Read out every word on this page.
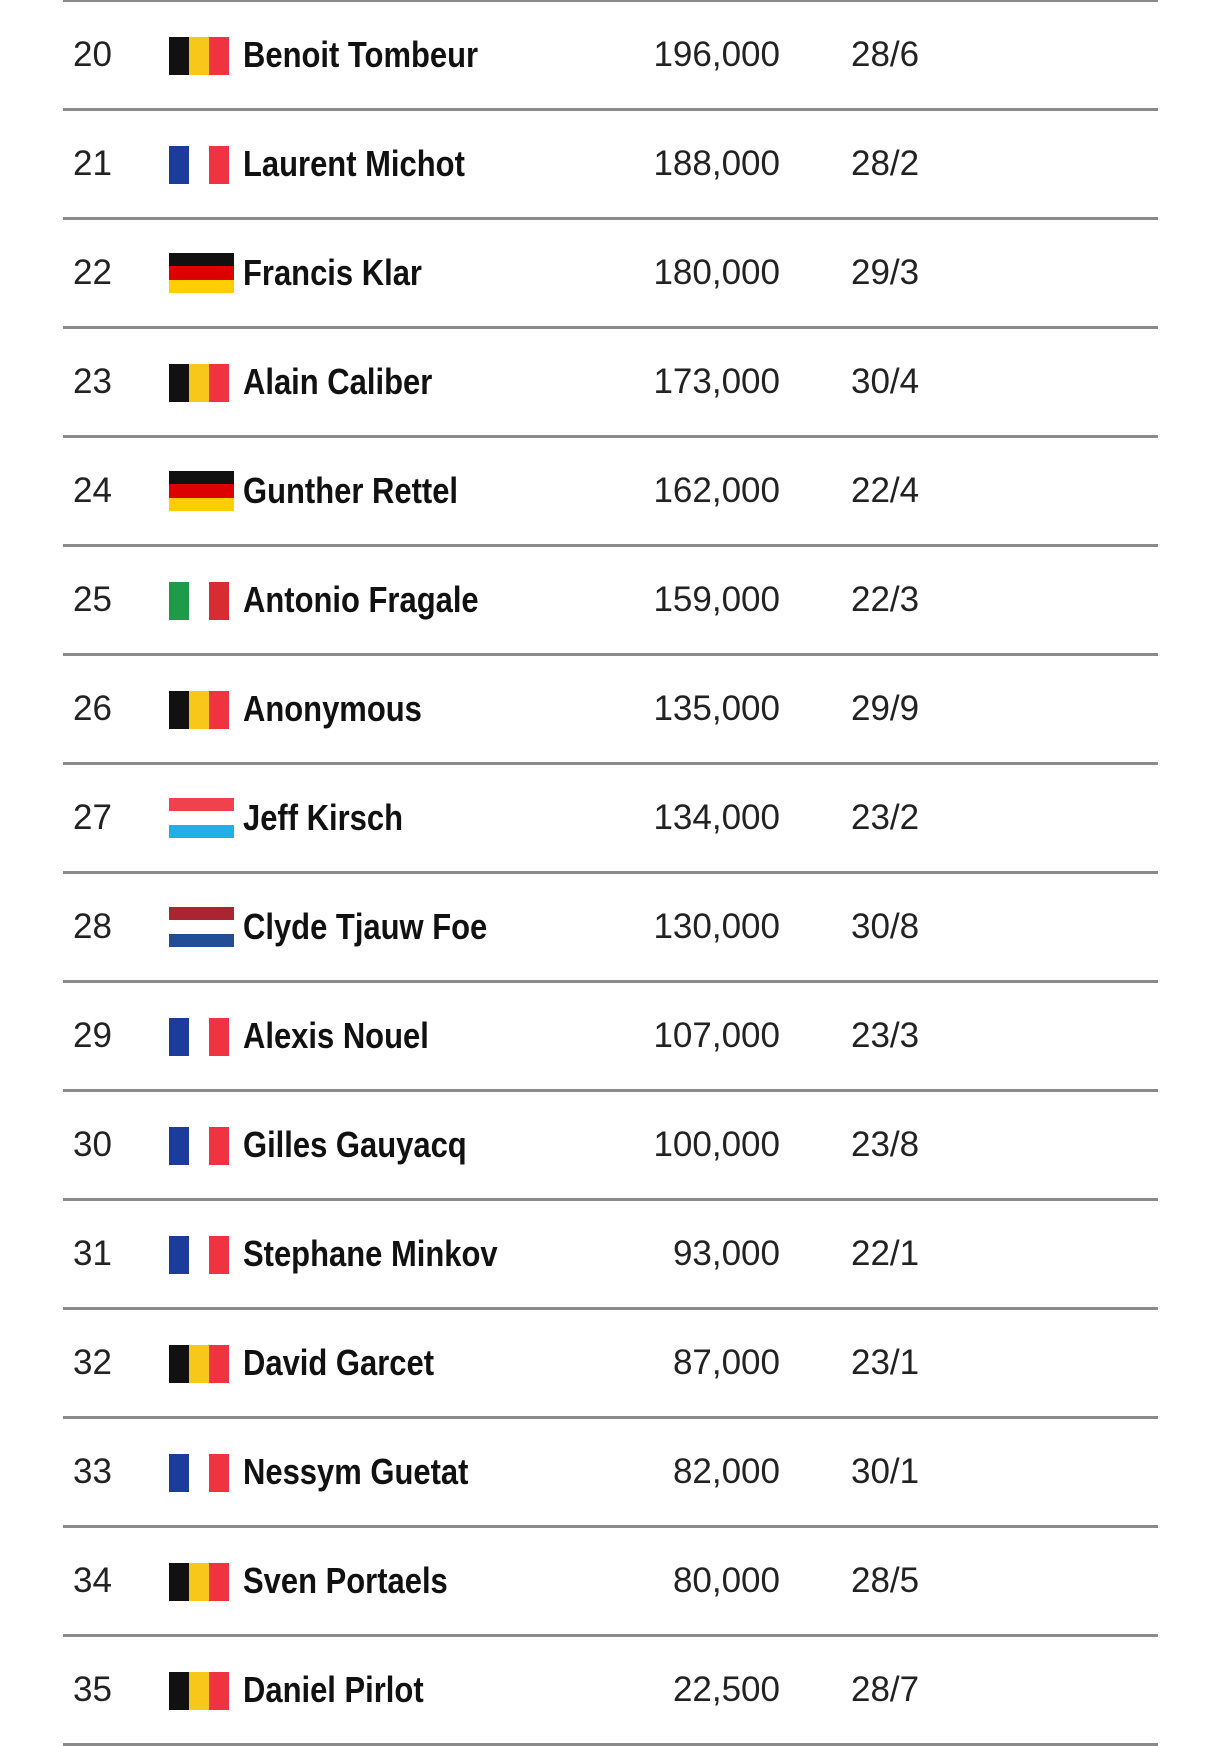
20	Benoit Tombeur	196,000 28/6
21	Laurent Michot	188,000 28/2
22	Francis Klar	180,000 29/3
23	Alain Caliber	173,000 30/4
24	Gunther Rettel	162,000 22/4
25	Antonio Fragale	159,000 22/3
26	Anonymous	135,000 29/9
27	Jeff Kirsch	134,000 23/2
28	Clyde Tjauw Foe	130,000 30/8
29	Alexis Nouel	107,000 23/3
30	Gilles Gauyacq	100,000 23/8
31	Stephane Minkov	93,000 22/1
32	David Garcet	87,000 23/1
33	Nessym Guetat	82,000 30/1
34	Sven Portaels	80,000 28/5
35	Daniel Pirlot	22,500 28/7
